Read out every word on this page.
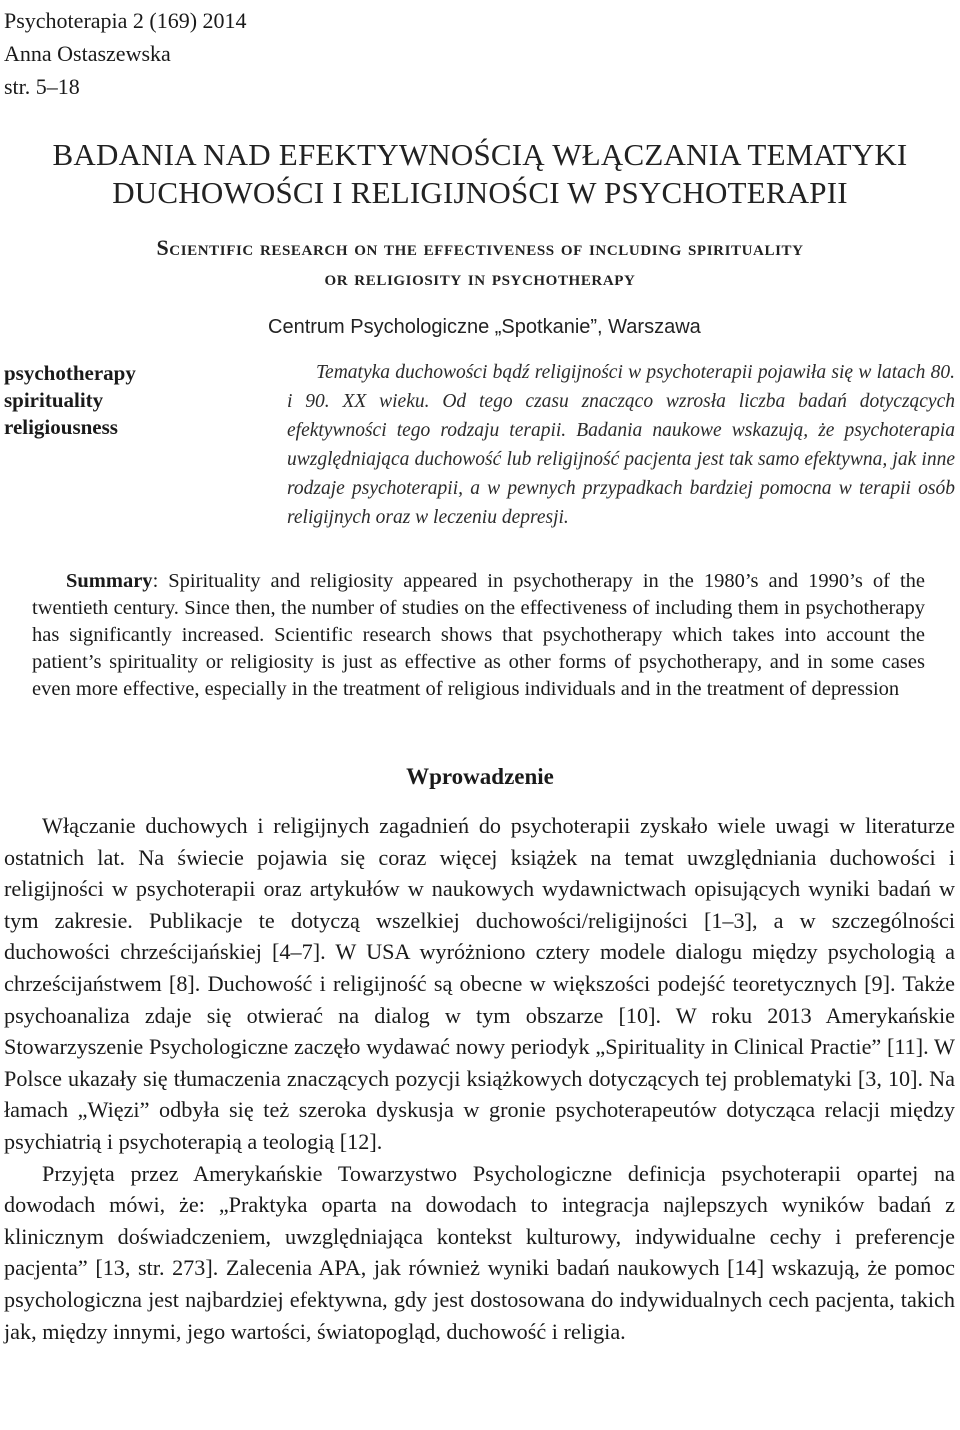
Psychoterapia 2 (169) 2014
Anna Ostaszewska
str. 5–18
BADANIA NAD EFEKTYWNOŚCIĄ WŁĄCZANIA TEMATYKI
DUCHOWOŚCI I RELIGIJNOŚCI W PSYCHOTERAPII
Scientific research on the effectiveness of including spirituality
or religiosity in psychotherapy
Centrum Psychologiczne „Spotkanie”, Warszawa
psychotherapy
spirituality
religiousness

Tematyka duchowości bądź religijności w psychoterapii pojawiła się w latach 80. i 90. XX wieku. Od tego czasu znacząco wzrosła liczba badań dotyczących efektywności tego rodzaju terapii. Badania naukowe wskazują, że psychoterapia uwzględniająca duchowość lub religijność pacjenta jest tak samo efektywna, jak inne rodzaje psychoterapii, a w pewnych przypadkach bardziej pomocna w terapii osób religijnych oraz w leczeniu depresji.

Summary: Spirituality and religiosity appeared in psychotherapy in the 1980’s and 1990’s of the twentieth century. Since then, the number of studies on the effectiveness of including them in psychotherapy has significantly increased. Scientific research shows that psychotherapy which takes into account the patient’s spirituality or religiosity is just as effective as other forms of psychotherapy, and in some cases even more effective, especially in the treatment of religious individuals and in the treatment of depression

Wprowadzenie

Włączanie duchowych i religijnych zagadnień do psychoterapii zyskało wiele uwagi w literaturze ostatnich lat. Na świecie pojawia się coraz więcej książek na temat uwzględniania duchowości i religijności w psychoterapii oraz artykułów w naukowych wydawnictwach opisujących wyniki badań w tym zakresie. Publikacje te dotyczą wszelkiej duchowości/religijności [1–3], a w szczególności duchowości chrześcijańskiej [4–7]. W USA wyróżniono cztery modele dialogu między psychologią a chrześcijaństwem [8]. Duchowość i religijność są obecne w większości podejść teoretycznych [9]. Także psychoanaliza zdaje się otwierać na dialog w tym obszarze [10]. W roku 2013 Amerykańskie Stowarzyszenie Psychologiczne zaczęło wydawać nowy periodyk „Spirituality in Clinical Practie” [11]. W Polsce ukazały się tłumaczenia znaczących pozycji książkowych dotyczących tej problematyki [3, 10]. Na łamach „Więzi” odbyła się też szeroka dyskusja w gronie psychoterapeutów dotycząca relacji między psychiatrią i psychoterapią a teologią [12].

Przyjęta przez Amerykańskie Towarzystwo Psychologiczne definicja psychoterapii opartej na dowodach mówi, że: „Praktyka oparta na dowodach to integracja najlepszych wyników badań z klinicznym doświadczeniem, uwzględniająca kontekst kulturowy, indywidualne cechy i preferencje pacjenta” [13, str. 273]. Zalecenia APA, jak również wyniki badań naukowych [14] wskazują, że pomoc psychologiczna jest najbardziej efektywna, gdy jest dostosowana do indywidualnych cech pacjenta, takich jak, między innymi, jego wartości, światopogląd, duchowość i religia.
